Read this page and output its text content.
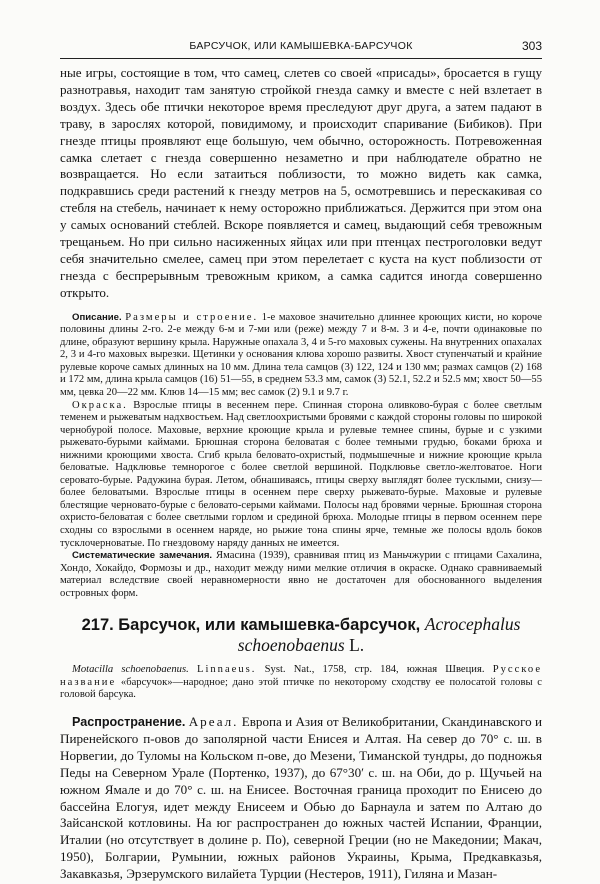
БАРСУЧОК, ИЛИ КАМЫШЕВКА-БАРСУЧОК	303

ные игры, состоящие в том, что самец, слетев со своей «присады», бросается в гущу разнотравья, находит там занятую стройкой гнезда самку и вместе с ней взлетает в воздух. Здесь обе птички некоторое время преследуют друг друга, а затем падают в траву, в зарослях которой, повидимому, и происходит спаривание (Бибиков). При гнезде птицы проявляют еще большую, чем обычно, осторожность. Потревоженная самка слетает с гнезда совершенно незаметно и при наблюдателе обратно не возвращается. Но если затаиться поблизости, то можно видеть как самка, подкравшись среди растений к гнезду метров на 5, осмотревшись и перескакивая со стебля на стебель, начинает к нему осторожно приближаться. Держится при этом она у самых оснований стеблей. Вскоре появляется и самец, выдающий себя тревожным трещаньем. Но при сильно насиженных яйцах или при птенцах пестроголовки ведут себя значительно смелее, самец при этом перелетает с куста на куст поблизости от гнезда с беспрерывным тревожным криком, а самка садится иногда совершенно открыто.

Описание. Размеры и строение. 1-е маховое значительно длиннее кроющих кисти, но короче половины длины 2-го. 2-е между 6-м и 7-ми или (реже) между 7 и 8-м. 3 и 4-е, почти одинаковые по длине, образуют вершину крыла. Наружные опахала 3, 4 и 5-го маховых сужены. На внутренних опахалах 2, 3 и 4-го маховых вырезки. Щетинки у основания клюва хорошо развиты. Хвост ступенчатый и крайние рулевые короче самых длинных на 10 мм. Длина тела самцов (3) 122, 124 и 130 мм; размах самцов (2) 168 и 172 мм, длина крыла самцов (16) 51—55, в среднем 53.3 мм, самок (3) 52.1, 52.2 и 52.5 мм; хвост 50—55 мм, цевка 20—22 мм. Клюв 14—15 мм; вес самок (2) 9.1 и 9.7 г.

Окраска. Взрослые птицы в весеннем пере. Спинная сторона оливково-бурая с более светлым теменем и рыжеватым надхвостьем. Над светлоохристыми бровями с каждой стороны головы по широкой чернобурой полосе. Маховые, верхние кроющие крыла и рулевые темнее спины, бурые и с узкими рыжевато-бурыми каймами. Брюшная сторона беловатая с более темными грудью, боками брюха и нижними кроющими хвоста. Сгиб крыла беловато-охристый, подмышечные и нижние кроющие крыла беловатые. Надклювье темнорогое с более светлой вершиной. Подклювье светло-желтоватое. Ноги серовато-бурые. Радужина бурая. Летом, обнашиваясь, птицы сверху выглядят более тусклыми, снизу—более беловатыми. Взрослые птицы в осеннем пере сверху рыжевато-бурые. Маховые и рулевые блестящие черновато-бурые с беловато-серыми каймами. Полосы над бровями черные. Брюшная сторона охристо-беловатая с более светлыми горлом и срединой брюха. Молодые птицы в первом осеннем пере сходны со взрослыми в осеннем наряде, но рыжие тона спины ярче, темные же полосы вдоль боков тусклочерноватые. По гнездовому наряду данных не имеется.

Систематические замечания. Ямасина (1939), сравнивая птиц из Маньчжурии с птицами Сахалина, Хондо, Хокайдо, Формозы и др., находит между ними мелкие отличия в окраске. Однако сравниваемый материал вследствие своей неравномерности явно не достаточен для обоснованного выделения островных форм.

217. Барсучок, или камышевка-барсучок, Acrocephalus
schoenobaenus L.

Motacilla schoenobaenus. Linnaeus. Syst. Nat., 1758, стр. 184, южная Швеция. Русское название «барсучок»—народное; дано этой птичке по некоторому сходству ее полосатой головы с головой барсука.

Распространение. Ареал. Европа и Азия от Великобритании, Скандинавского и Пиренейского п-овов до заполярной части Енисея и Алтая. На север до 70° с. ш. в Норвегии, до Туломы на Кольском п-ове, до Мезени, Тиманской тундры, до подножья Педы на Северном Урале (Портенко, 1937), до 67°30′ с. ш. на Оби, до р. Щучьей на южном Ямале и до 70° с. ш. на Енисее. Восточная граница проходит по Енисею до бассейна Елогуя, идет между Енисеем и Обью до Барнаула и затем по Алтаю до Зайсанской котловины. На юг распространен до южных частей Испании, Франции, Италии (но отсутствует в долине р. По), северной Греции (но не Македонии; Макач, 1950), Болгарии, Румынии, южных районов Украины, Крыма, Предкавказья, Закавказья, Эрзерумского вилайета Турции (Нестеров, 1911), Гиляна и Мазан-
